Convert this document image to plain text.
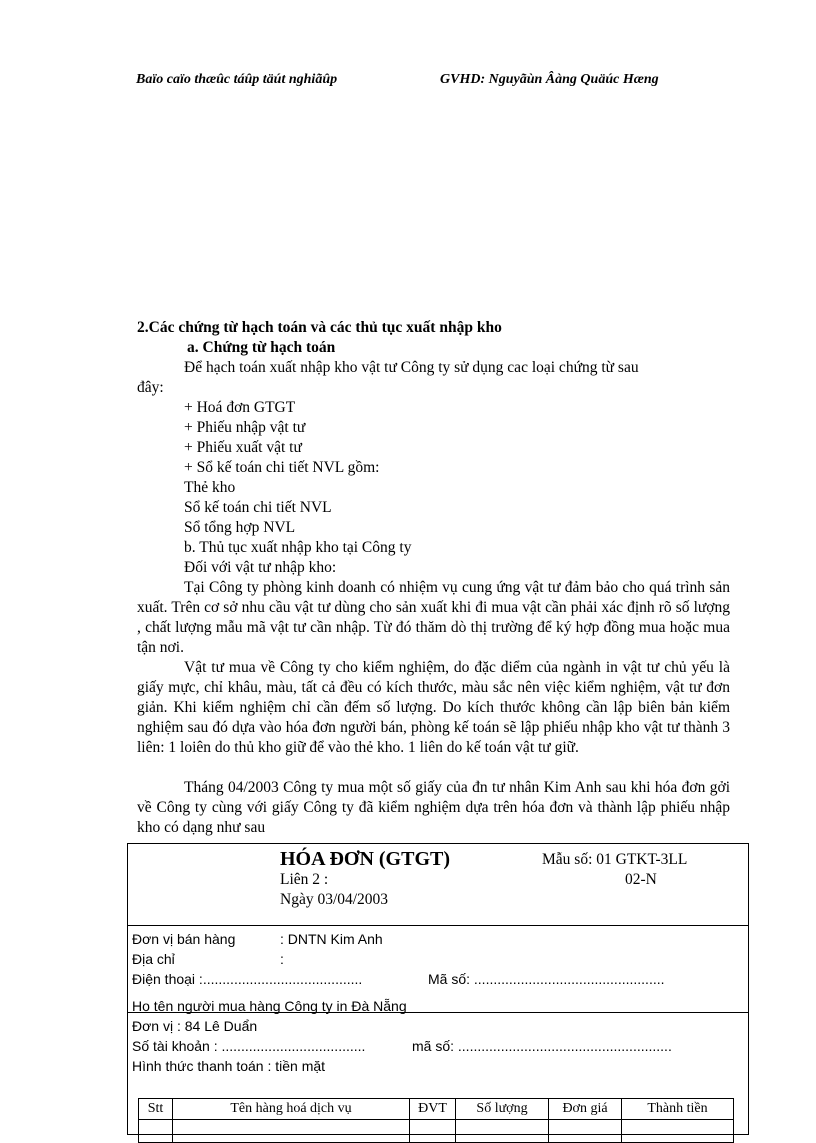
Baïo caïo thæûc táûp täút nghiãûp	GVHD: Nguyãùn Âàng Quäúc Hæng
2.Các chứng từ hạch toán và các thủ tục xuất nhập kho
a. Chứng từ hạch toán
Để hạch toán xuất nhập kho vật tư Công ty sử dụng cac loại chứng từ sau
đây:
+ Hoá đơn GTGT
+ Phiếu nhập vật tư
+ Phiếu xuất vật tư
+ Sổ kế toán chi tiết NVL gồm:
Thẻ kho
Sổ kế toán chi tiết NVL
Sổ tổng hợp NVL
b. Thủ tục xuất nhập kho tại Công ty
Đối với vật tư nhập kho:
Tại Công ty phòng kinh doanh có nhiệm vụ cung ứng vật tư đảm bảo cho quá trình sản xuất. Trên cơ sở nhu cầu vật tư dùng cho sản xuất khi đi mua vật cần phải xác định rõ số lượng , chất lượng mẫu mã vật tư cần nhập. Từ đó thăm dò thị trường để ký hợp đồng mua hoặc mua tận nơi.
Vật tư mua về Công ty cho kiểm nghiệm, do đặc diểm của ngành in vật tư chủ yếu là giấy mực, chỉ khâu, màu, tất cả đều có kích thước, màu sắc nên việc kiểm nghiệm, vật tư đơn giản. Khi kiểm nghiệm chỉ cần đếm số lượng. Do kích thước không cần lập biên bản kiểm nghiệm sau đó dựa vào hóa đơn người bán, phòng kế toán sẽ lập phiếu nhập kho vật tư thành 3 liên: 1 loiên do thủ kho giữ để vào thẻ kho. 1 liên do kế toán vật tư giữ.
Tháng 04/2003 Công ty mua một số giấy của đn tư nhân Kim Anh sau khi hóa đơn gởi về Công ty cùng với giấy Công ty đã kiểm nghiệm dựa trên hóa đơn và thành lập phiếu nhập kho có dạng như sau
HÓA ĐƠN (GTGT)	Mẫu số: 01 GTKT-3LL
Liên 2 :	02-N
Ngày 03/04/2003
Đơn vị bán hàng	: DNTN Kim Anh
Địa chỉ	:
Điện thoại :.........................................	Mã số: .................................................
Họ tên người mua hàng Công ty in Đà Nẵng
Đơn vị : 84 Lê Duẩn
Số tài khoản : .....................................	mã số: .......................................................
Hình thức thanh toán : tiền mặt
Stt	Tên hàng hoá dịch vụ	ĐVT	Số lượng	Đơn giá	Thành tiền
